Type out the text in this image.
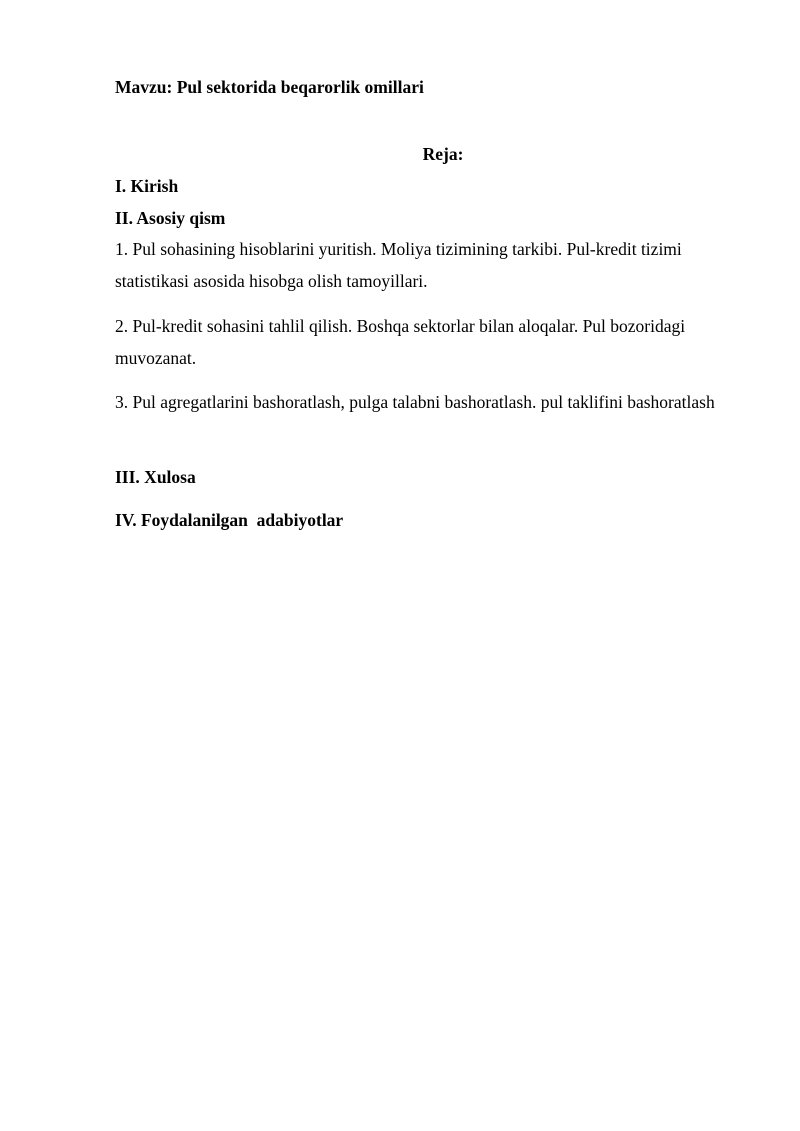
Mavzu: Pul sektorida beqarorlik omillari
Reja:
I. Kirish
II. Asosiy qism
1. Pul sohasining hisoblarini yuritish. Moliya tizimining tarkibi. Pul-kredit tizimi statistikasi asosida hisobga olish tamoyillari.
2. Pul-kredit sohasini tahlil qilish. Boshqa sektorlar bilan aloqalar. Pul bozoridagi muvozanat.
3. Pul agregatlarini bashoratlash, pulga talabni bashoratlash. pul taklifini bashoratlash
III. Xulosa
IV. Foydalanilgan  adabiyotlar
